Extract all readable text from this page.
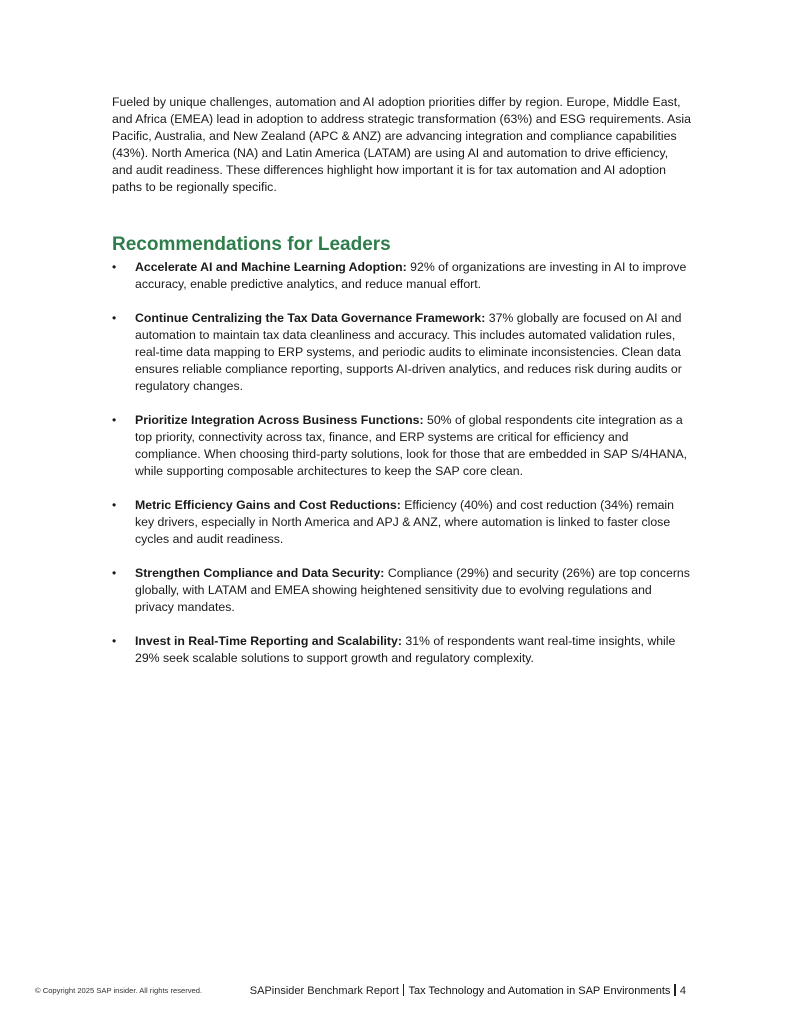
Fueled by unique challenges, automation and AI adoption priorities differ by region. Europe, Middle East, and Africa (EMEA) lead in adoption to address strategic transformation (63%) and ESG requirements. Asia Pacific, Australia, and New Zealand (APC & ANZ) are advancing integration and compliance capabilities (43%). North America (NA) and Latin America (LATAM) are using AI and automation to drive efficiency, and audit readiness. These differences highlight how important it is for tax automation and AI adoption paths to be regionally specific.

Recommendations for Leaders
• Accelerate AI and Machine Learning Adoption: 92% of organizations are investing in AI to improve accuracy, enable predictive analytics, and reduce manual effort.
• Continue Centralizing the Tax Data Governance Framework: 37% globally are focused on AI and automation to maintain tax data cleanliness and accuracy. This includes automated validation rules, real-time data mapping to ERP systems, and periodic audits to eliminate inconsistencies. Clean data ensures reliable compliance reporting, supports AI-driven analytics, and reduces risk during audits or regulatory changes.
• Prioritize Integration Across Business Functions: 50% of global respondents cite integration as a top priority, connectivity across tax, finance, and ERP systems are critical for efficiency and compliance. When choosing third-party solutions, look for those that are embedded in SAP S/4HANA, while supporting composable architectures to keep the SAP core clean.
• Metric Efficiency Gains and Cost Reductions: Efficiency (40%) and cost reduction (34%) remain key drivers, especially in North America and APJ & ANZ, where automation is linked to faster close cycles and audit readiness.
• Strengthen Compliance and Data Security: Compliance (29%) and security (26%) are top concerns globally, with LATAM and EMEA showing heightened sensitivity due to evolving regulations and privacy mandates.
• Invest in Real-Time Reporting and Scalability: 31% of respondents want real-time insights, while 29% seek scalable solutions to support growth and regulatory complexity.
© Copyright 2025 SAP insider. All rights reserved.	SAPinsider Benchmark Report Tax Technology and Automation in SAP Environments 4
